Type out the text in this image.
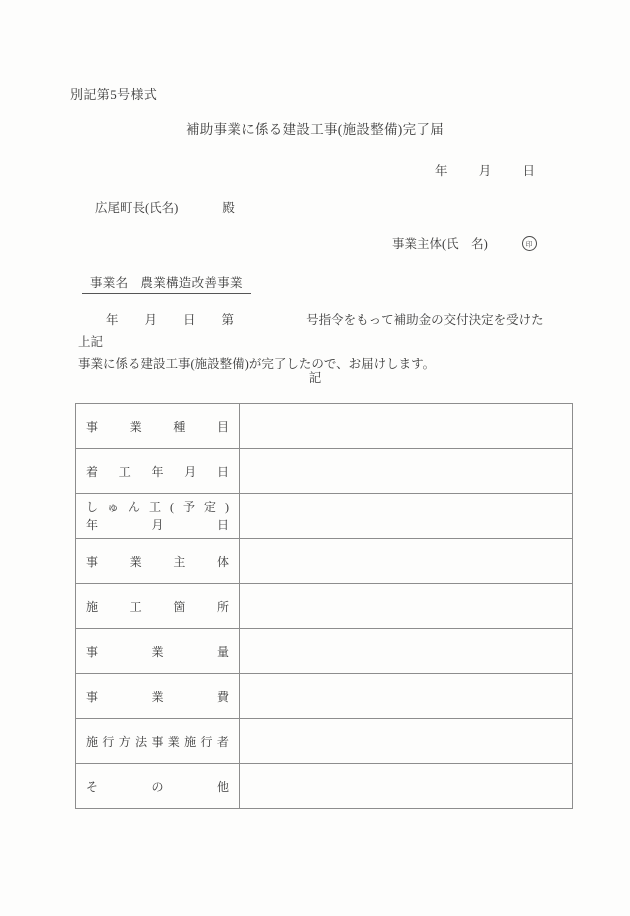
別記第5号様式
補助事業に係る建設工事(施設整備)完了届
年 月 日
広尾町長(氏名)	殿
事業主体(氏　名)印
事業名 農業構造改善事業
年 月 日 第	号指令をもって補助金の交付決定を受けた上記
事業に係る建設工事(施設整備)が完了したので、お届けします。
記
事 業 種 目	

着 工 年 月 日	

し ゅ ん 工 ( 予 定 )
年	月	日

事 業 主 体	

施 工 箇 所	

事 業 量	

事 業 費	

施 行 方 法 事 業 施 行 者

そ の 他	
